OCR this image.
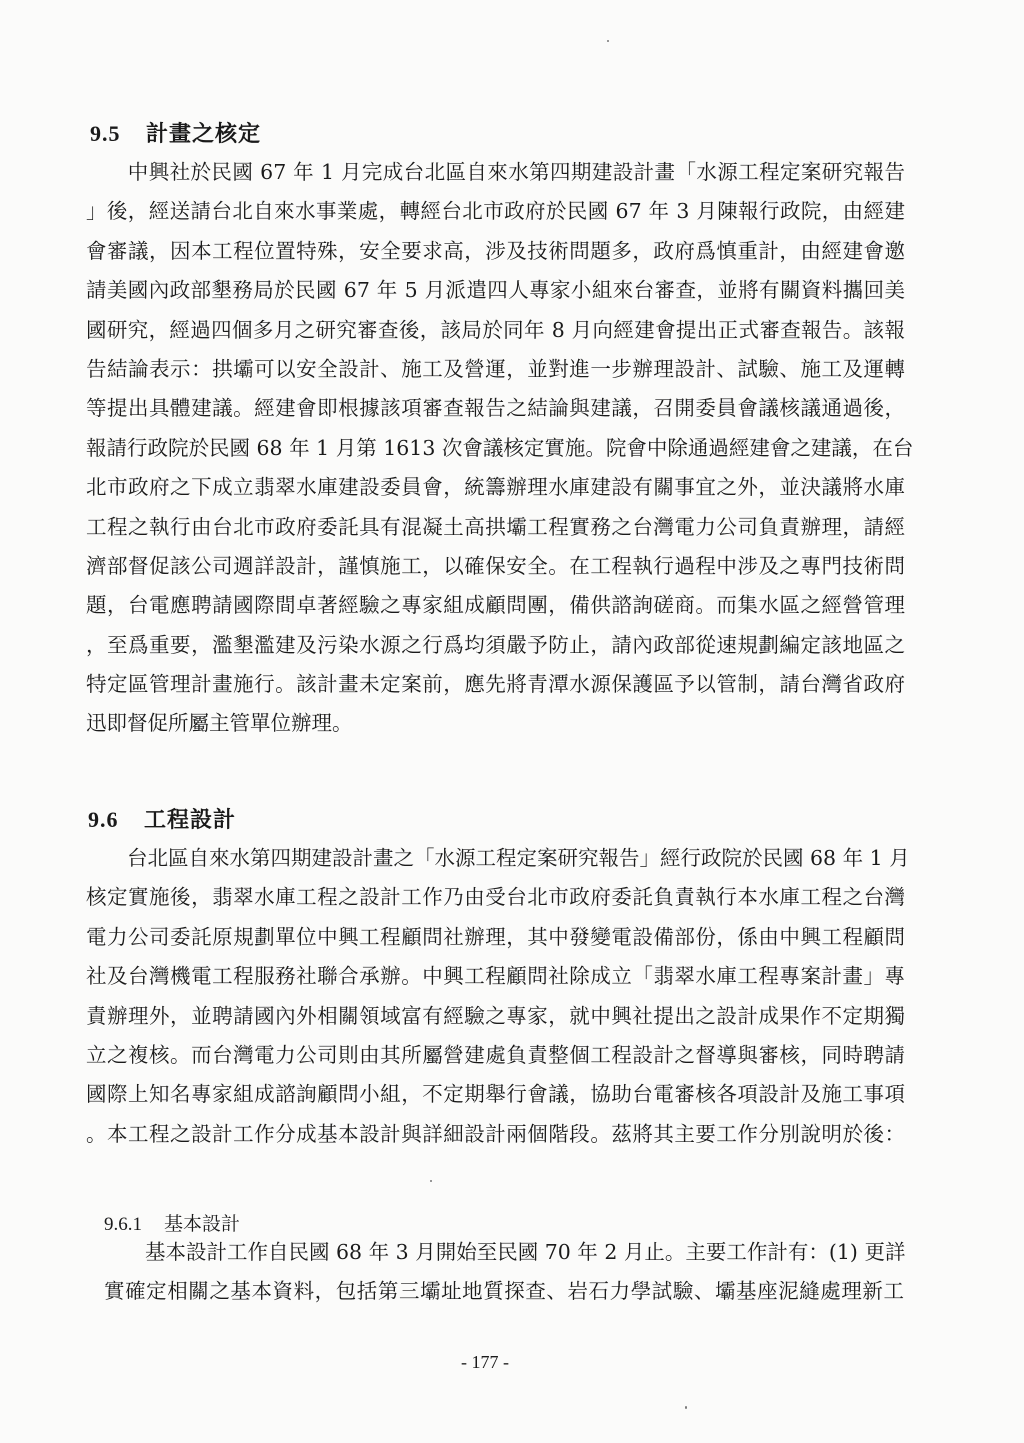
9.5 計畫之核定
　　中興社於民國 67 年 1 月完成台北區自來水第四期建設計畫「水源工程定案研究報告
」後，經送請台北自來水事業處，轉經台北市政府於民國 67 年 3 月陳報行政院，由經建
會審議，因本工程位置特殊，安全要求高，涉及技術問題多，政府爲慎重計，由經建會邀
請美國內政部墾務局於民國 67 年 5 月派遣四人專家小組來台審查，並將有關資料攜回美
國研究，經過四個多月之研究審查後，該局於同年 8 月向經建會提出正式審查報告。該報
告結論表示：拱壩可以安全設計、施工及營運，並對進一步辦理設計、試驗、施工及運轉
等提出具體建議。經建會即根據該項審查報告之結論與建議，召開委員會議核議通過後，
報請行政院於民國 68 年 1 月第 1613 次會議核定實施。院會中除通過經建會之建議，在台
北市政府之下成立翡翠水庫建設委員會，統籌辦理水庫建設有關事宜之外，並決議將水庫
工程之執行由台北市政府委託具有混凝土高拱壩工程實務之台灣電力公司負責辦理，請經
濟部督促該公司週詳設計，謹慎施工，以確保安全。在工程執行過程中涉及之專門技術問
題，台電應聘請國際間卓著經驗之專家組成顧問團，備供諮詢磋商。而集水區之經營管理
，至爲重要，濫墾濫建及污染水源之行爲均須嚴予防止，請內政部從速規劃編定該地區之
特定區管理計畫施行。該計畫未定案前，應先將青潭水源保護區予以管制，請台灣省政府
迅即督促所屬主管單位辦理。
9.6 工程設計
　　台北區自來水第四期建設計畫之「水源工程定案研究報告」經行政院於民國 68 年 1 月
核定實施後，翡翠水庫工程之設計工作乃由受台北市政府委託負責執行本水庫工程之台灣
電力公司委託原規劃單位中興工程顧問社辦理，其中發變電設備部份，係由中興工程顧問
社及台灣機電工程服務社聯合承辦。中興工程顧問社除成立「翡翠水庫工程專案計畫」專
責辦理外，並聘請國內外相關領域富有經驗之專家，就中興社提出之設計成果作不定期獨
立之複核。而台灣電力公司則由其所屬營建處負責整個工程設計之督導與審核，同時聘請
國際上知名專家組成諮詢顧問小組，不定期舉行會議，協助台電審核各項設計及施工事項
。本工程之設計工作分成基本設計與詳細設計兩個階段。茲將其主要工作分別說明於後：
9.6.1 基本設計
　　基本設計工作自民國 68 年 3 月開始至民國 70 年 2 月止。主要工作計有：(1) 更詳
實確定相關之基本資料，包括第三壩址地質探查、岩石力學試驗、壩基座泥縫處理新工
- 177 -
